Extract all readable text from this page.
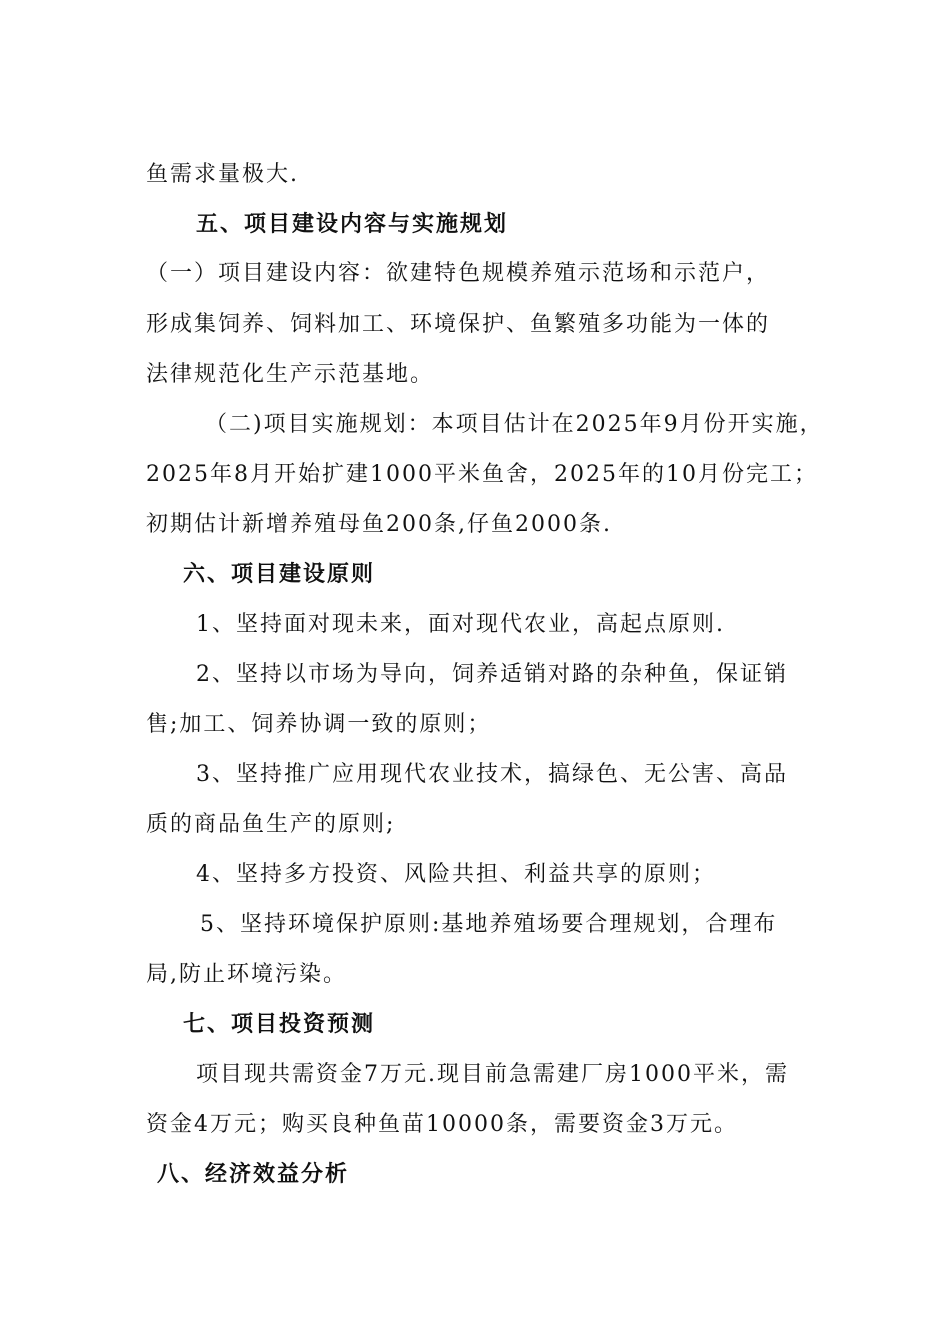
鱼需求量极大.
五、项目建设内容与实施规划
（一）项目建设内容：欲建特色规模养殖示范场和示范户，
形成集饲养、饲料加工、环境保护、鱼繁殖多功能为一体的
法律规范化生产示范基地。
（二)项目实施规划：本项目估计在2025年9月份开实施，
2025年8月开始扩建1000平米鱼舍，2025年的10月份完工；
初期估计新增养殖母鱼200条,仔鱼2000条.
六、项目建设原则
1、坚持面对现未来，面对现代农业，高起点原则.
2、坚持以市场为导向，饲养适销对路的杂种鱼，保证销
售;加工、饲养协调一致的原则；
3、坚持推广应用现代农业技术，搞绿色、无公害、高品
质的商品鱼生产的原则;
4、坚持多方投资、风险共担、利益共享的原则；
5、坚持环境保护原则:基地养殖场要合理规划，合理布
局,防止环境污染。
七、项目投资预测
项目现共需资金7万元.现目前急需建厂房1000平米，需
资金4万元；购买良种鱼苗10000条，需要资金3万元。
八、经济效益分析
